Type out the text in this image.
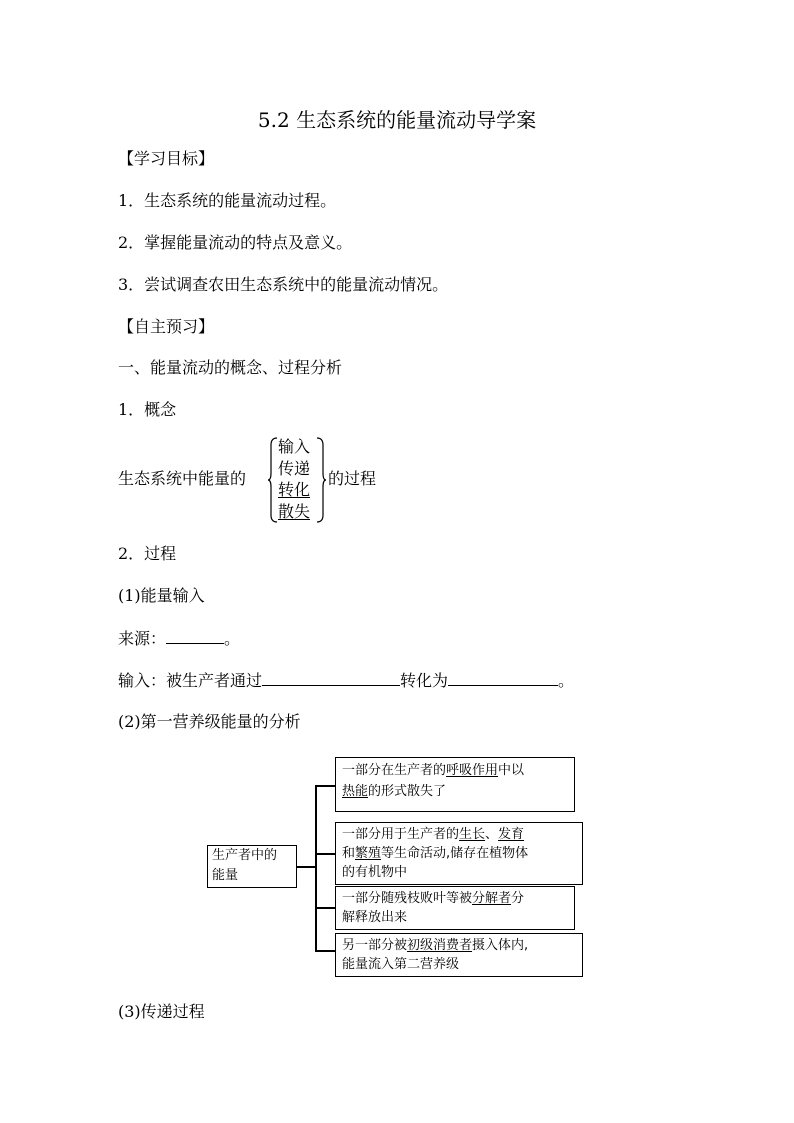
5.2 生态系统的能量流动导学案
【学习目标】
1．生态系统的能量流动过程。
2．掌握能量流动的特点及意义。
3．尝试调查农田生态系统中的能量流动情况。
【自主预习】
一、能量流动的概念、过程分析
1．概念
生态系统中能量的
输入
传递
转化
散失
的过程
2．过程
(1)能量输入
来源：	。
输入：被生产者通过	转化为	。
(2)第一营养级能量的分析
生产者中的
能量
一部分在生产者的呼吸作用中以
热能的形式散失了
一部分用于生产者的生长、发育
和繁殖等生命活动,储存在植物体
的有机物中
一部分随残枝败叶等被分解者分
解释放出来
另一部分被初级消费者摄入体内,
能量流入第二营养级
(3)传递过程
